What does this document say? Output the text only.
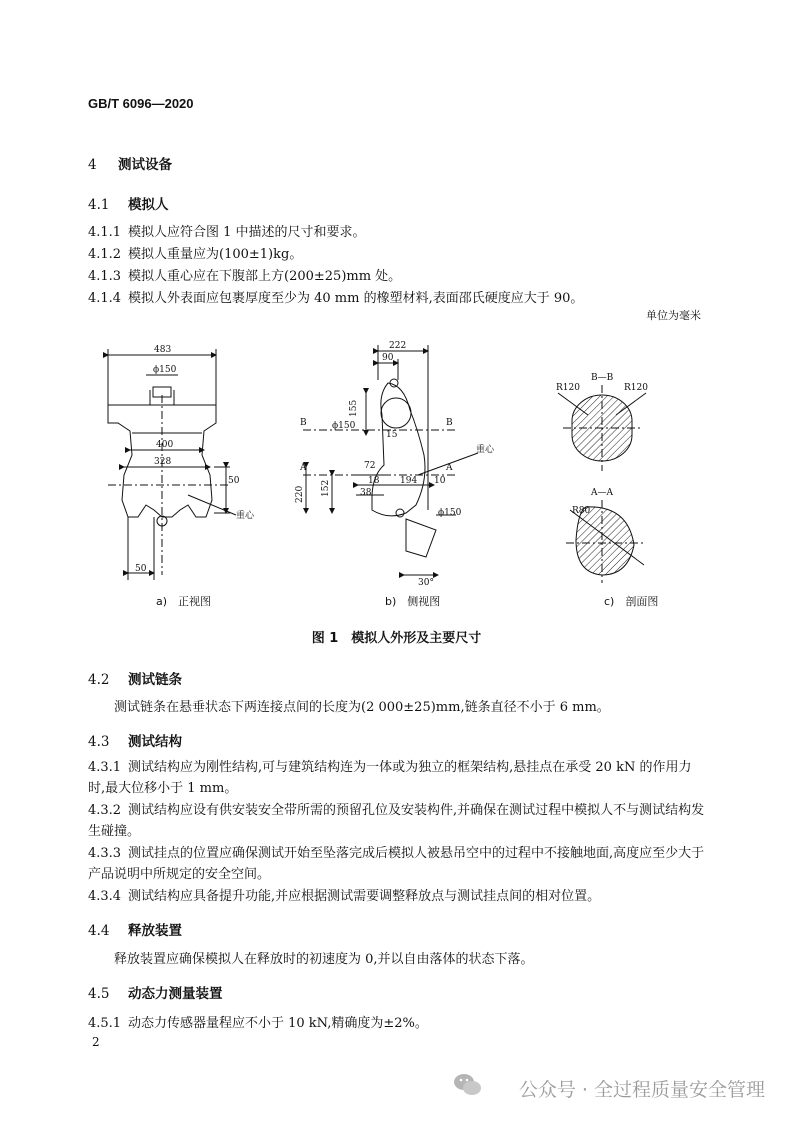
GB/T 6096—2020
4 测试设备
4.1 模拟人
4.1.1 模拟人应符合图 1 中描述的尺寸和要求。
4.1.2 模拟人重量应为(100±1)kg。
4.1.3 模拟人重心应在下腹部上方(200±25)mm 处。
4.1.4 模拟人外表面应包裹厚度至少为 40 mm 的橡塑材料,表面邵氏硬度应大于 90。
单位为毫米
483
ϕ150
400
328
50
50
重心
222
90
155
ϕ150
15
72
152
220
18 194 10
38
ϕ150
30°
重心
B	B
A	A
B—B
R120	R120
A—A
R80
a)　正视图	b)　侧视图	c)　剖面图
图 1　模拟人外形及主要尺寸
4.2 测试链条
测试链条在悬垂状态下两连接点间的长度为(2 000±25)mm,链条直径不小于 6 mm。
4.3 测试结构
4.3.1 测试结构应为刚性结构,可与建筑结构连为一体或为独立的框架结构,悬挂点在承受 20 kN 的作用力时,最大位移小于 1 mm。
4.3.2 测试结构应设有供安装安全带所需的预留孔位及安装构件,并确保在测试过程中模拟人不与测试结构发生碰撞。
4.3.3 测试挂点的位置应确保测试开始至坠落完成后模拟人被悬吊空中的过程中不接触地面,高度应至少大于产品说明中所规定的安全空间。
4.3.4 测试结构应具备提升功能,并应根据测试需要调整释放点与测试挂点间的相对位置。
4.4 释放装置
释放装置应确保模拟人在释放时的初速度为 0,并以自由落体的状态下落。
4.5 动态力测量装置
4.5.1 动态力传感器量程应不小于 10 kN,精确度为±2%。
2
公众号 · 全过程质量安全管理
